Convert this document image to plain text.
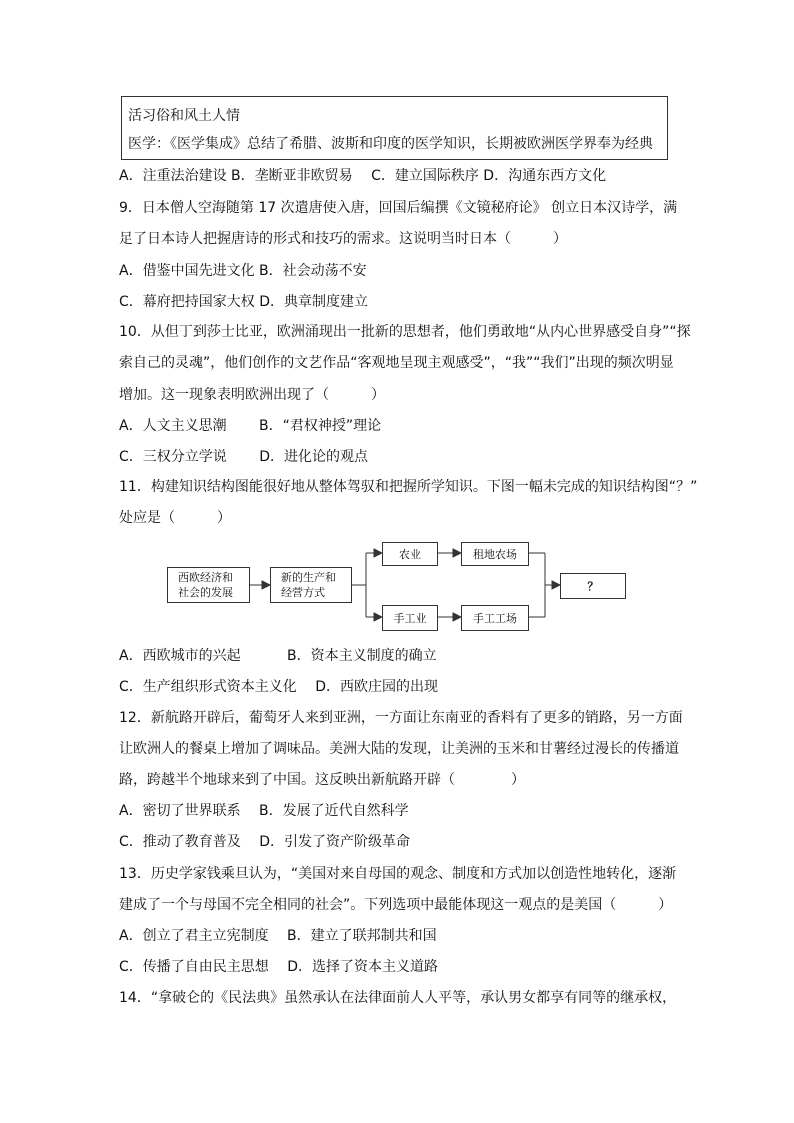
活习俗和风土人情
医学：《医学集成》总结了希腊、波斯和印度的医学知识，长期被欧洲医学界奉为经典
A．注重法治建设 B．垄断亚非欧贸易　 C．建立国际秩序 D．沟通东西方文化
9．日本僧人空海随第 17 次遣唐使入唐，回国后编撰《文镜秘府论》 创立日本汉诗学，满
足了日本诗人把握唐诗的形式和技巧的需求。这说明当时日本（　　　）
A．借鉴中国先进文化 B．社会动荡不安
C．幕府把持国家大权 D．典章制度建立
10．从但丁到莎士比亚，欧洲涌现出一批新的思想者，他们勇敢地“从内心世界感受自身”“探
索自己的灵魂”，他们创作的文艺作品“客观地呈现主观感受”，“我”“我们”出现的频次明显
增加。这一现象表明欧洲出现了（　　　）
A．人文主义思潮　　 B．“君权神授”理论
C．三权分立学说　　 D．进化论的观点
11．构建知识结构图能很好地从整体驾驭和把握所学知识。下图一幅未完成的知识结构图“？”
处应是（　　　）
西欧经济和
社会的发展
新的生产和
经营方式
农业	租地农场
手工业	手工工场
？
A．西欧城市的兴起　　　 B．资本主义制度的确立
C．生产组织形式资本主义化　 D．西欧庄园的出现
12．新航路开辟后，葡萄牙人来到亚洲，一方面让东南亚的香料有了更多的销路，另一方面
让欧洲人的餐桌上增加了调味品。美洲大陆的发现，让美洲的玉米和甘薯经过漫长的传播道
路，跨越半个地球来到了中国。这反映出新航路开辟（　　　　）
A．密切了世界联系　 B．发展了近代自然科学
C．推动了教育普及　 D．引发了资产阶级革命
13．历史学家钱乘旦认为，“美国对来自母国的观念、制度和方式加以创造性地转化，逐渐
建成了一个与母国不完全相同的社会”。下列选项中最能体现这一观点的是美国（　　　）
A．创立了君主立宪制度　 B．建立了联邦制共和国
C．传播了自由民主思想　 D．选择了资本主义道路
14．“拿破仑的《民法典》虽然承认在法律面前人人平等，承认男女都享有同等的继承权，
